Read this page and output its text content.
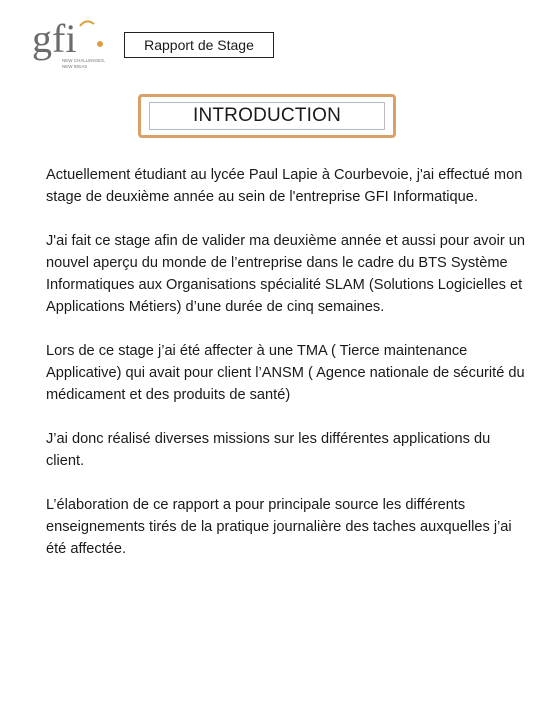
gfi
NEW CHALLENGES,
NEW IDEAS
Rapport de Stage
INTRODUCTION

Actuellement étudiant au lycée Paul Lapie à Courbevoie, j'ai effectué mon stage de deuxième année au sein de l'entreprise GFI Informatique.

J'ai fait ce stage afin de valider ma deuxième année et aussi pour avoir un nouvel aperçu du monde de l’entreprise dans le cadre du BTS Système Informatiques aux Organisations spécialité SLAM (Solutions Logicielles et Applications Métiers) d’une durée de cinq semaines.

Lors de ce stage j’ai été affecter à une TMA ( Tierce maintenance Applicative) qui avait pour client l’ANSM ( Agence nationale de sécurité du médicament et des produits de santé)

J’ai donc réalisé diverses missions sur les différentes applications du client.

L’élaboration de ce rapport a pour principale source les différents enseignements tirés de la pratique journalière des taches auxquelles j’ai été affectée.
